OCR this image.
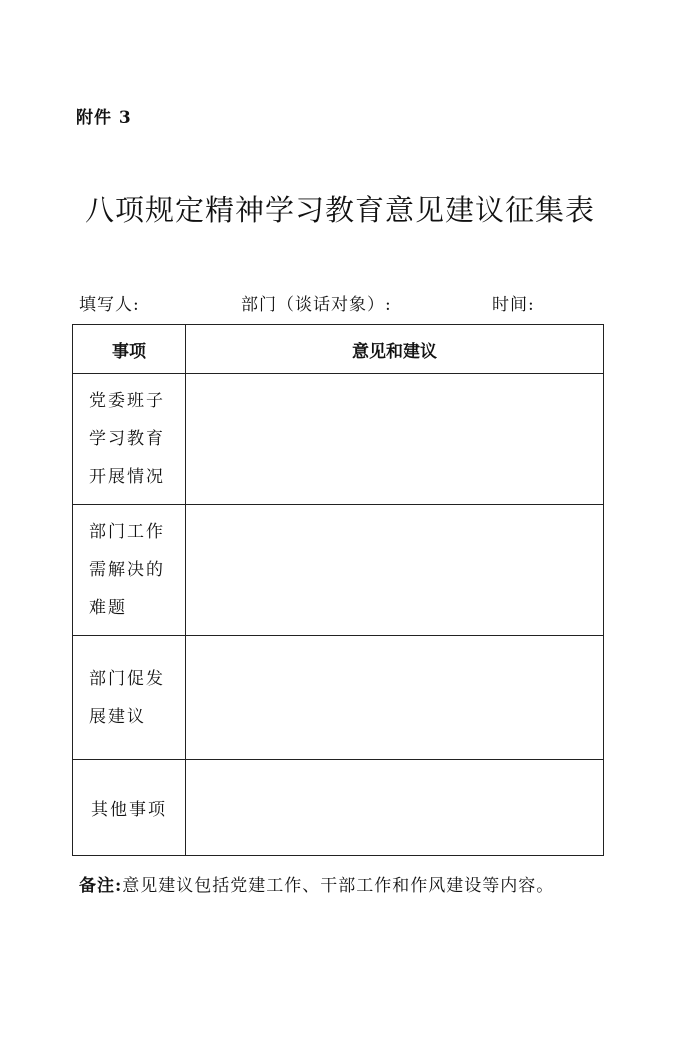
附件 3
八项规定精神学习教育意见建议征集表
填写人:	部门（谈话对象）:	时间:
事项	意见和建议
党委班子学习教育开展情况	
部门工作需解决的难题	
部门促发展建议	
其他事项	
备注:意见建议包括党建工作、干部工作和作风建设等内容。
